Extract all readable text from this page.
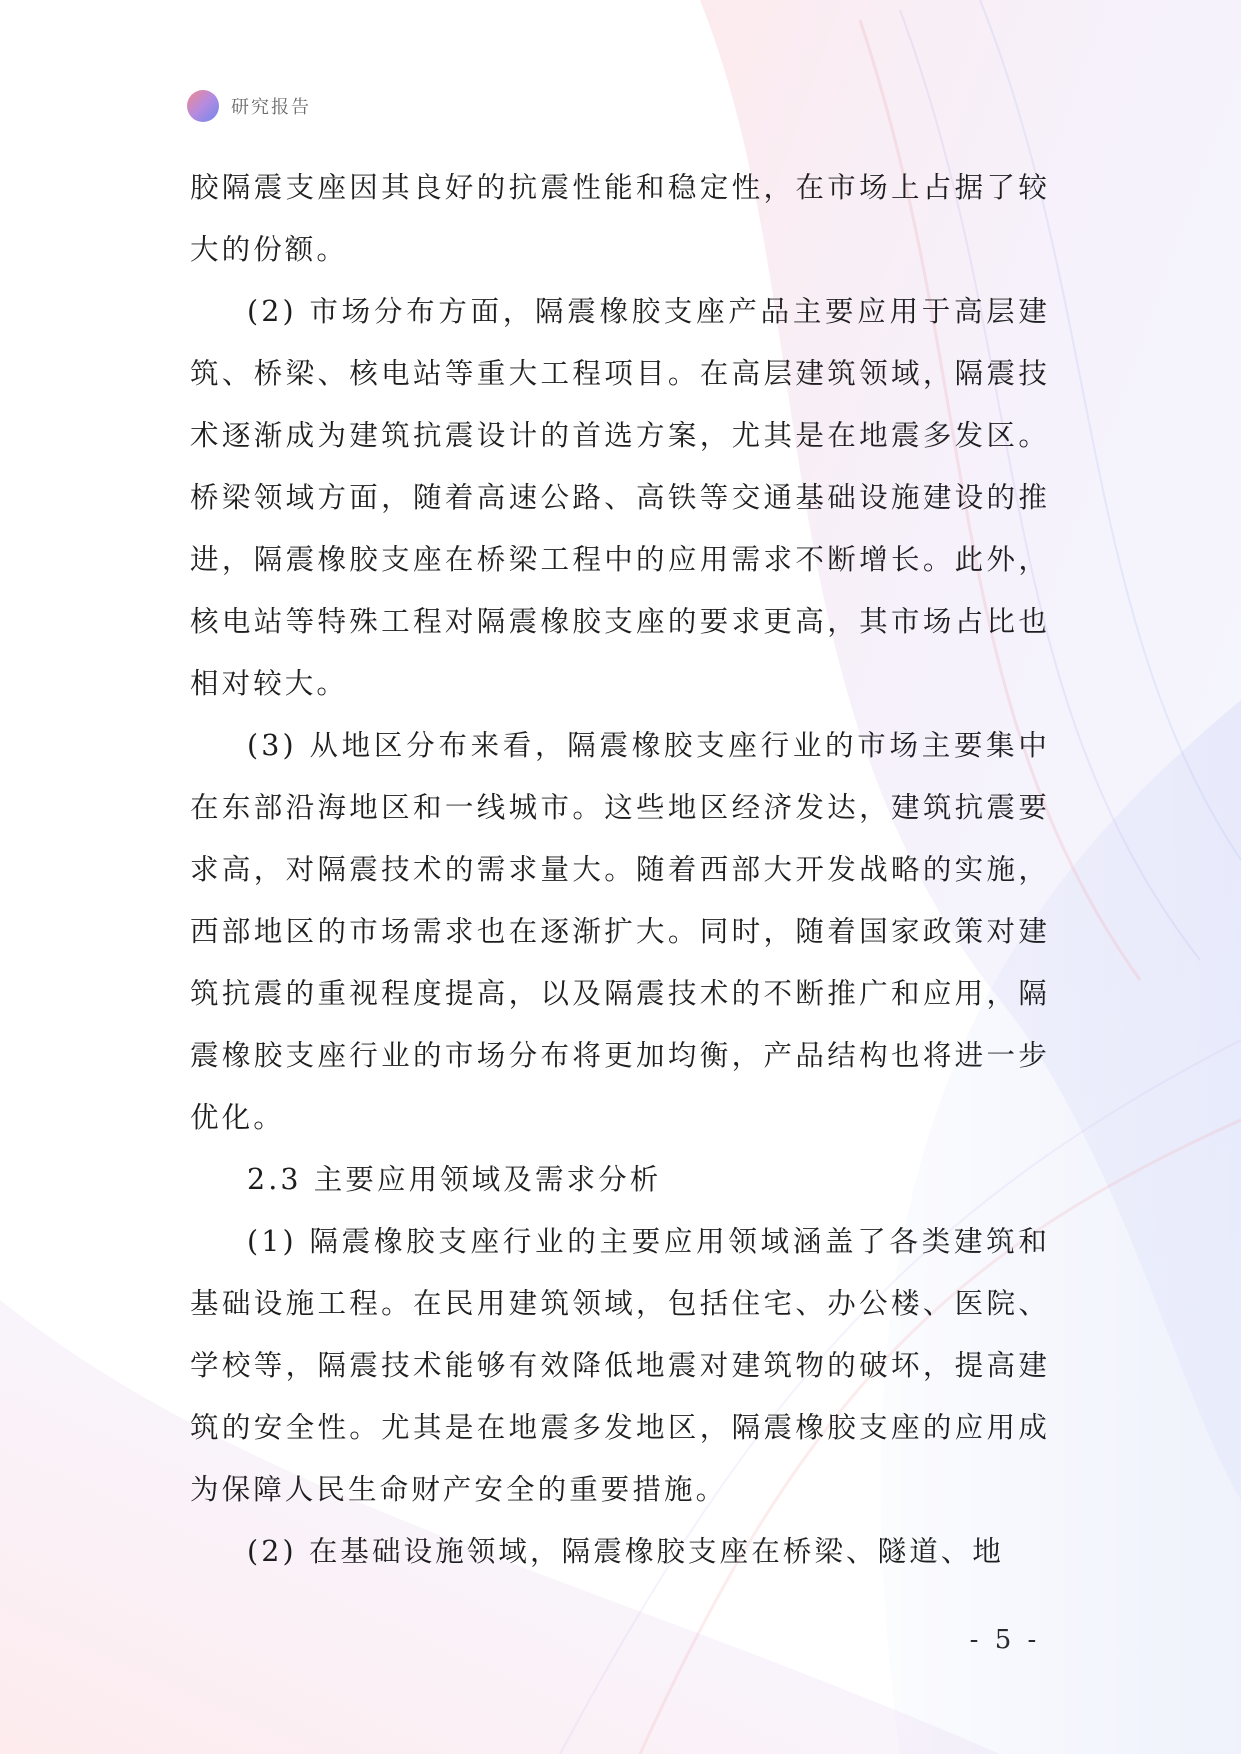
研究报告

胶隔震支座因其良好的抗震性能和稳定性，在市场上占据了较大的份额。

(2) 市场分布方面，隔震橡胶支座产品主要应用于高层建筑、桥梁、核电站等重大工程项目。在高层建筑领域，隔震技术逐渐成为建筑抗震设计的首选方案，尤其是在地震多发区。桥梁领域方面，随着高速公路、高铁等交通基础设施建设的推进，隔震橡胶支座在桥梁工程中的应用需求不断增长。此外，核电站等特殊工程对隔震橡胶支座的要求更高，其市场占比也相对较大。

(3) 从地区分布来看，隔震橡胶支座行业的市场主要集中在东部沿海地区和一线城市。这些地区经济发达，建筑抗震要求高，对隔震技术的需求量大。随着西部大开发战略的实施，西部地区的市场需求也在逐渐扩大。同时，随着国家政策对建筑抗震的重视程度提高，以及隔震技术的不断推广和应用，隔震橡胶支座行业的市场分布将更加均衡，产品结构也将进一步优化。

2.3 主要应用领域及需求分析

(1) 隔震橡胶支座行业的主要应用领域涵盖了各类建筑和基础设施工程。在民用建筑领域，包括住宅、办公楼、医院、学校等，隔震技术能够有效降低地震对建筑物的破坏，提高建筑的安全性。尤其是在地震多发地区，隔震橡胶支座的应用成为保障人民生命财产安全的重要措施。

(2) 在基础设施领域，隔震橡胶支座在桥梁、隧道、地

- 5 -
